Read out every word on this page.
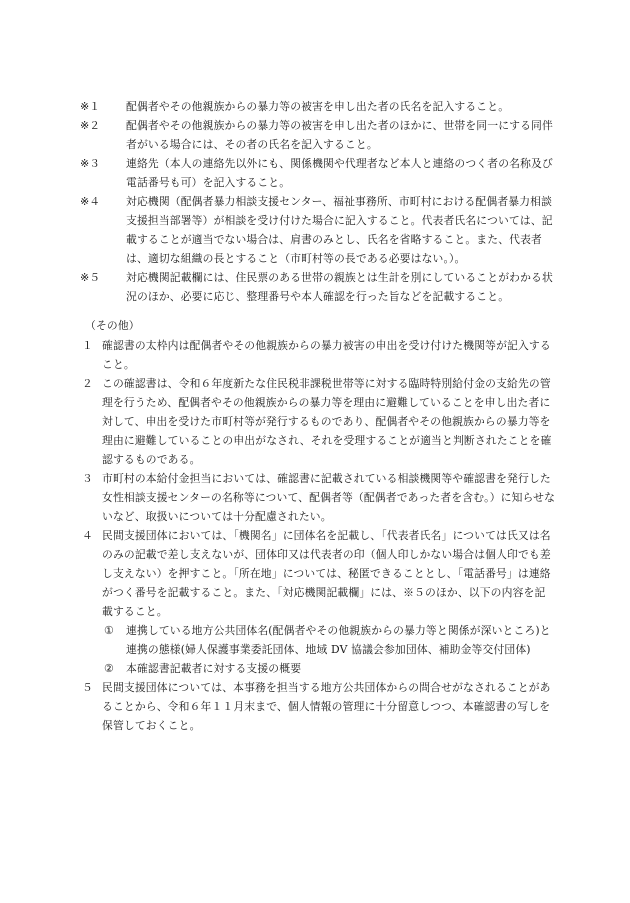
※１	配偶者やその他親族からの暴力等の被害を申し出た者の氏名を記入すること。
※２	配偶者やその他親族からの暴力等の被害を申し出た者のほかに、世帯を同一にする同伴者がいる場合には、その者の氏名を記入すること。
※３	連絡先（本人の連絡先以外にも、関係機関や代理者など本人と連絡のつく者の名称及び電話番号も可）を記入すること。
※４	対応機関（配偶者暴力相談支援センター、福祉事務所、市町村における配偶者暴力相談支援担当部署等）が相談を受け付けた場合に記入すること。代表者氏名については、記載することが適当でない場合は、肩書のみとし、氏名を省略すること。また、代表者は、適切な組織の長とすること（市町村等の長である必要はない。）。
※５	対応機関記載欄には、住民票のある世帯の親族とは生計を別にしていることがわかる状況のほか、必要に応じ、整理番号や本人確認を行った旨などを記載すること。
（その他）
１ 確認書の太枠内は配偶者やその他親族からの暴力被害の申出を受け付けた機関等が記入すること。
２ この確認書は、令和６年度新たな住民税非課税世帯等に対する臨時特別給付金の支給先の管理を行うため、配偶者やその他親族からの暴力等を理由に避難していることを申し出た者に対して、申出を受けた市町村等が発行するものであり、配偶者やその他親族からの暴力等を理由に避難していることの申出がなされ、それを受理することが適当と判断されたことを確認するものである。
３ 市町村の本給付金担当においては、確認書に記載されている相談機関等や確認書を発行した女性相談支援センターの名称等について、配偶者等（配偶者であった者を含む。）に知らせないなど、取扱いについては十分配慮されたい。
４ 民間支援団体においては、「機関名」に団体名を記載し、「代表者氏名」については氏又は名のみの記載で差し支えないが、団体印又は代表者の印（個人印しかない場合は個人印でも差し支えない）を押すこと。「所在地」については、秘匿できることとし、「電話番号」は連絡がつく番号を記載すること。また、「対応機関記載欄」には、※５のほか、以下の内容を記載すること。
① 連携している地方公共団体名(配偶者やその他親族からの暴力等と関係が深いところ)と連携の態様(婦人保護事業委託団体、地域 DV 協議会参加団体、補助金等交付団体)
② 本確認書記載者に対する支援の概要
５ 民間支援団体については、本事務を担当する地方公共団体からの問合せがなされることがあることから、令和６年１１月末まで、個人情報の管理に十分留意しつつ、本確認書の写しを保管しておくこと。
